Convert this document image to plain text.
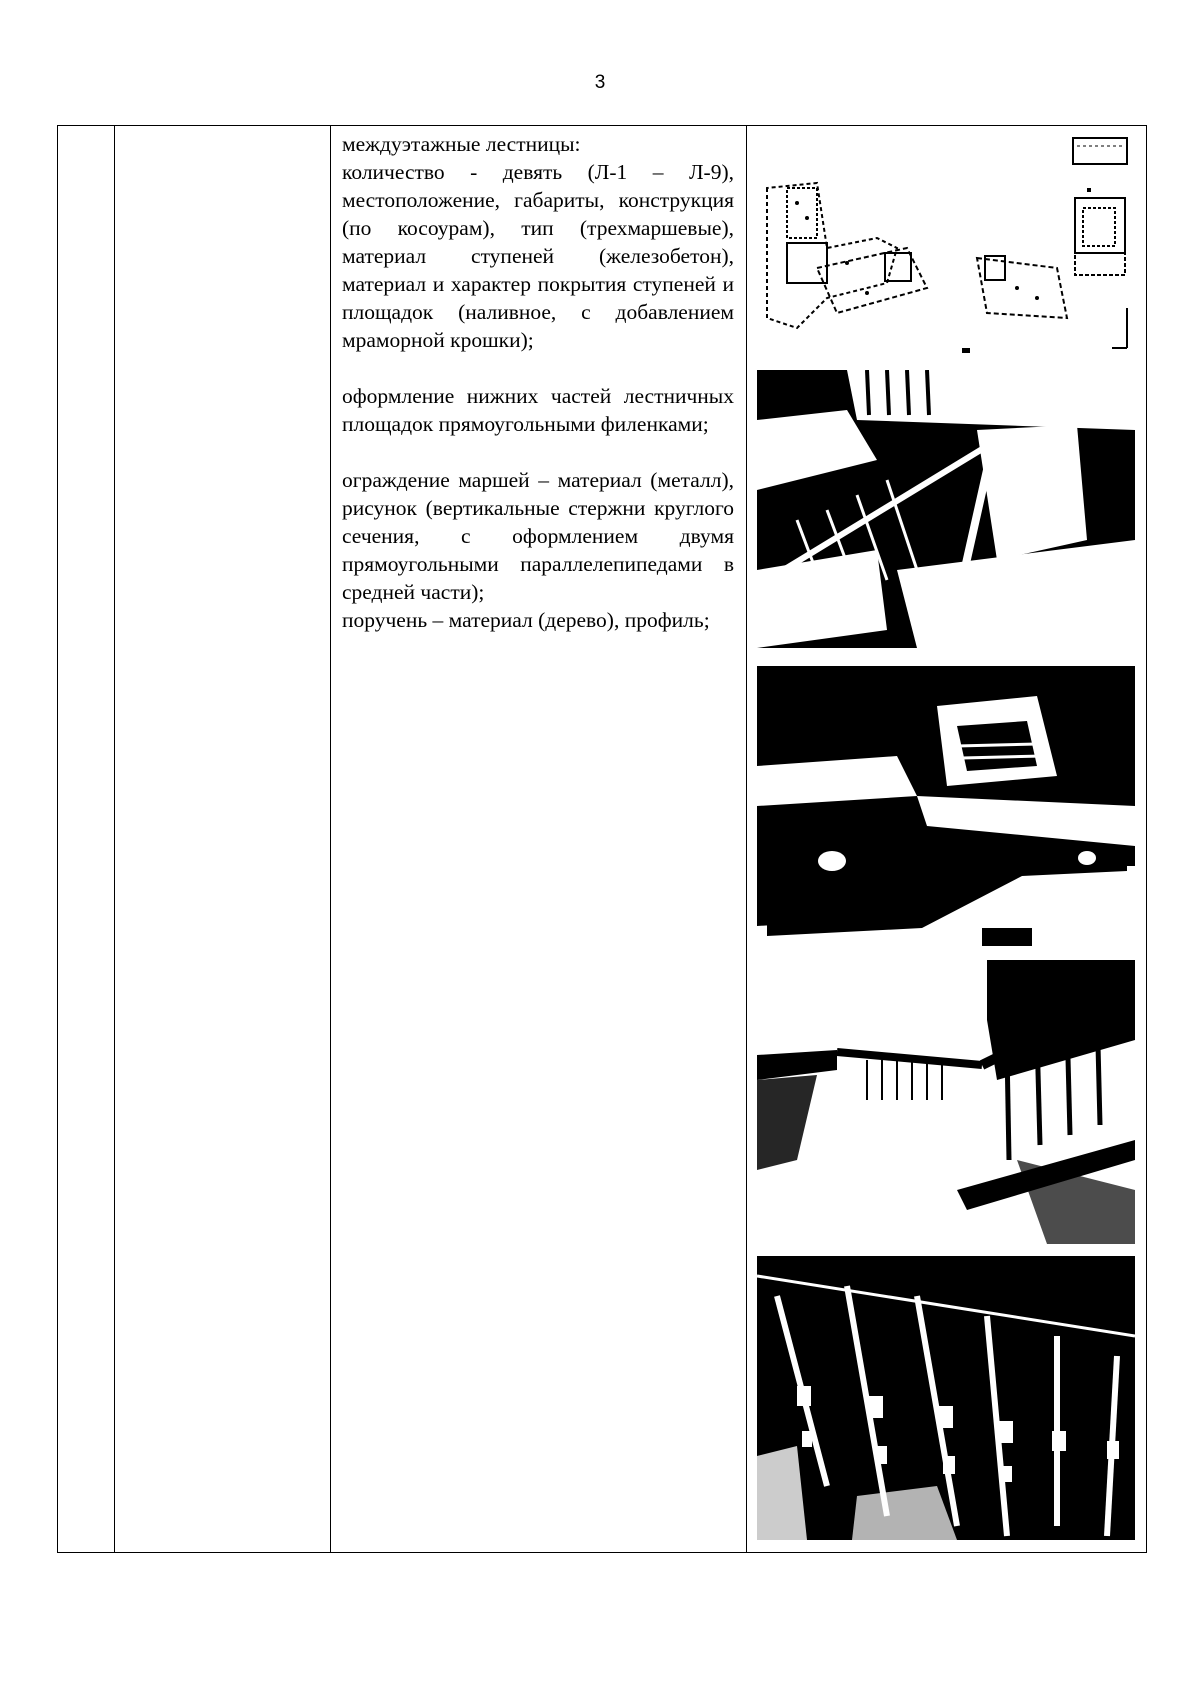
3

междуэтажные лестницы:

количество - девять (Л-1 – Л-9), местоположение, габариты, конструкция (по косоурам), тип (трехмаршевые), материал ступеней (железобетон), материал и характер покрытия ступеней и площадок (наливное, с добавлением мраморной крошки);

оформление нижних частей лестничных площадок прямоугольными филенками;

ограждение маршей – материал (металл), рисунок (вертикальные стержни круглого сечения, с оформлением двумя прямоугольными параллелепипедами в средней части);

поручень – материал (дерево), профиль;
